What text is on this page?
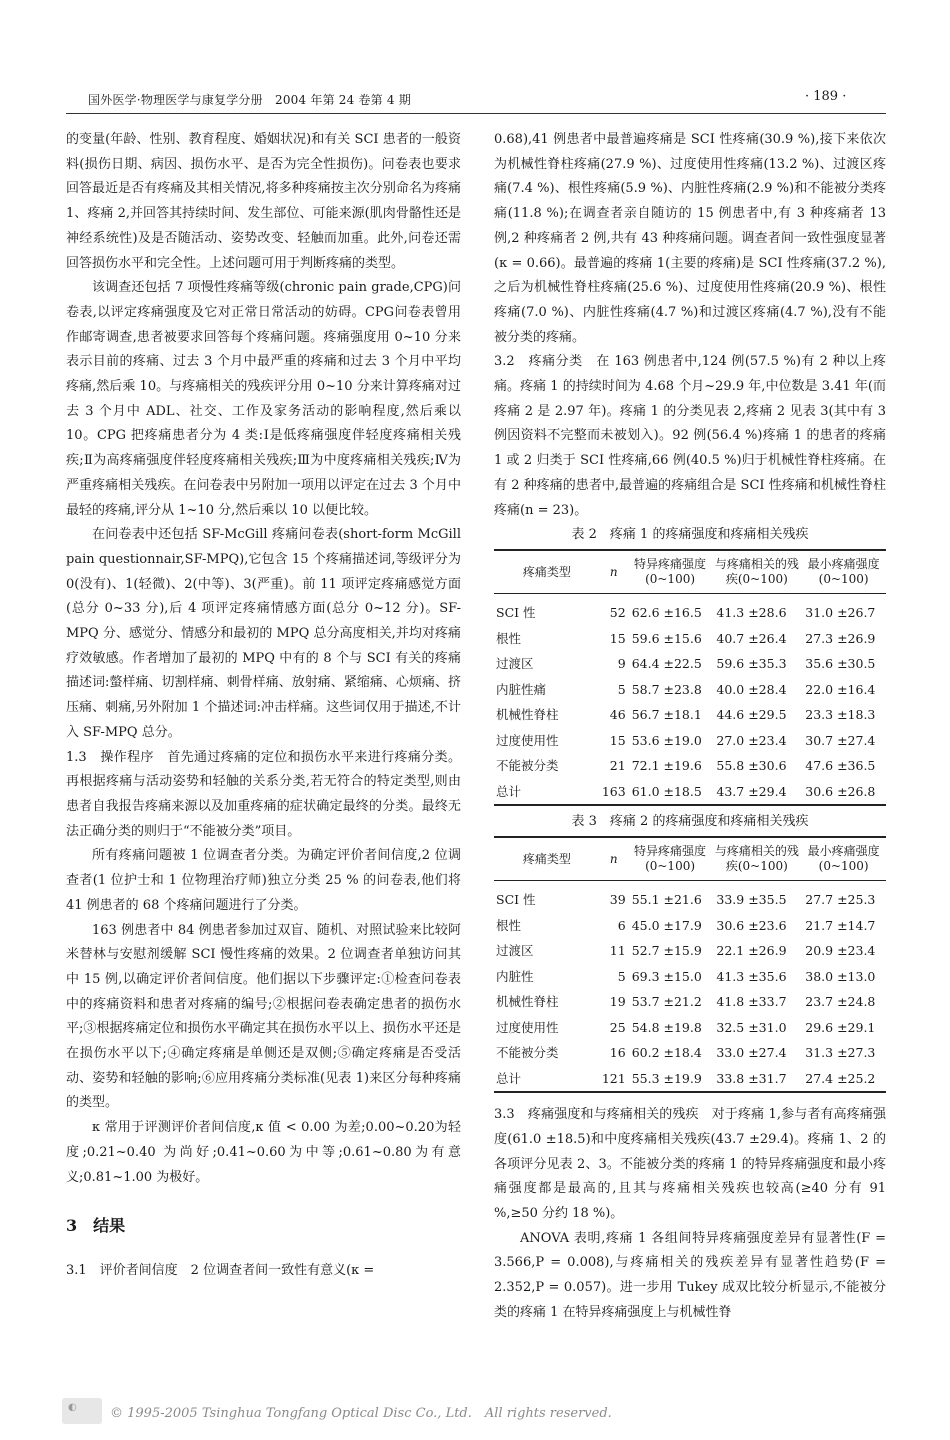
国外医学·物理医学与康复学分册　2004 年第 24 卷第 4 期	· 189 ·

的变量(年龄、性别、教育程度、婚姻状况)和有关 SCI 患者的一般资料(损伤日期、病因、损伤水平、是否为完全性损伤)。问卷表也要求回答最近是否有疼痛及其相关情况,将多种疼痛按主次分别命名为疼痛 1、疼痛 2,并回答其持续时间、发生部位、可能来源(肌肉骨骼性还是神经系统性)及是否随活动、姿势改变、轻触而加重。此外,问卷还需回答损伤水平和完全性。上述问题可用于判断疼痛的类型。

该调查还包括 7 项慢性疼痛等级(chronic pain grade,CPG)问卷表,以评定疼痛强度及它对正常日常活动的妨碍。CPG问卷表曾用作邮寄调查,患者被要求回答每个疼痛问题。疼痛强度用 0~10 分来表示目前的疼痛、过去 3 个月中最严重的疼痛和过去 3 个月中平均疼痛,然后乘 10。与疼痛相关的残疾评分用 0~10 分来计算疼痛对过去 3 个月中 ADL、社交、工作及家务活动的影响程度,然后乘以 10。CPG 把疼痛患者分为 4 类:Ⅰ是低疼痛强度伴轻度疼痛相关残疾;Ⅱ为高疼痛强度伴轻度疼痛相关残疾;Ⅲ为中度疼痛相关残疾;Ⅳ为严重疼痛相关残疾。在问卷表中另附加一项用以评定在过去 3 个月中最轻的疼痛,评分从 1~10 分,然后乘以 10 以便比较。

在问卷表中还包括 SF-McGill 疼痛问卷表(short-form McGill pain questionnair,SF-MPQ),它包含 15 个疼痛描述词,等级评分为 0(没有)、1(轻微)、2(中等)、3(严重)。前 11 项评定疼痛感觉方面(总分 0~33 分),后 4 项评定疼痛情感方面(总分 0~12 分)。SF-MPQ 分、感觉分、情感分和最初的 MPQ 总分高度相关,并均对疼痛疗效敏感。作者增加了最初的 MPQ 中有的 8 个与 SCI 有关的疼痛描述词:螫样痛、切割样痛、刺骨样痛、放射痛、紧缩痛、心烦痛、挤压痛、刺痛,另外附加 1 个描述词:冲击样痛。这些词仅用于描述,不计入 SF-MPQ 总分。

1.3　操作程序　首先通过疼痛的定位和损伤水平来进行疼痛分类。再根据疼痛与活动姿势和轻触的关系分类,若无符合的特定类型,则由患者自我报告疼痛来源以及加重疼痛的症状确定最终的分类。最终无法正确分类的则归于“不能被分类”项目。

所有疼痛问题被 1 位调查者分类。为确定评价者间信度,2 位调查者(1 位护士和 1 位物理治疗师)独立分类 25 % 的问卷表,他们将 41 例患者的 68 个疼痛问题进行了分类。

163 例患者中 84 例患者参加过双盲、随机、对照试验来比较阿米替林与安慰剂缓解 SCI 慢性疼痛的效果。2 位调查者单独访问其中 15 例,以确定评价者间信度。他们据以下步骤评定:①检查问卷表中的疼痛资料和患者对疼痛的编号;②根据问卷表确定患者的损伤水平;③根据疼痛定位和损伤水平确定其在损伤水平以上、损伤水平还是在损伤水平以下;④确定疼痛是单侧还是双侧;⑤确定疼痛是否受活动、姿势和轻触的影响;⑥应用疼痛分类标准(见表 1)来区分每种疼痛的类型。

κ 常用于评测评价者间信度,κ 值 < 0.00 为差;0.00~0.20为轻度;0.21~0.40 为尚好;0.41~0.60为中等;0.61~0.80为有意义;0.81~1.00 为极好。

3　结果

3.1　评价者间信度　2 位调查者间一致性有意义(κ =

0.68),41 例患者中最普遍疼痛是 SCI 性疼痛(30.9 %),接下来依次为机械性脊柱疼痛(27.9 %)、过度使用性疼痛(13.2 %)、过渡区疼痛(7.4 %)、根性疼痛(5.9 %)、内脏性疼痛(2.9 %)和不能被分类疼痛(11.8 %);在调查者亲自随访的 15 例患者中,有 3 种疼痛者 13 例,2 种疼痛者 2 例,共有 43 种疼痛问题。调查者间一致性强度显著(κ = 0.66)。最普遍的疼痛 1(主要的疼痛)是 SCI 性疼痛(37.2 %),之后为机械性脊柱疼痛(25.6 %)、过度使用性疼痛(20.9 %)、根性疼痛(7.0 %)、内脏性疼痛(4.7 %)和过渡区疼痛(4.7 %),没有不能被分类的疼痛。

3.2　疼痛分类　在 163 例患者中,124 例(57.5 %)有 2 种以上疼痛。疼痛 1 的持续时间为 4.68 个月~29.9 年,中位数是 3.41 年(而疼痛 2 是 2.97 年)。疼痛 1 的分类见表 2,疼痛 2 见表 3(其中有 3 例因资料不完整而未被划入)。92 例(56.4 %)疼痛 1 的患者的疼痛 1 或 2 归类于 SCI 性疼痛,66 例(40.5 %)归于机械性脊柱疼痛。在有 2 种疼痛的患者中,最普遍的疼痛组合是 SCI 性疼痛和机械性脊柱疼痛(n = 23)。

表 2　疼痛 1 的疼痛强度和疼痛相关残疾

疼痛类型	n	特异疼痛强度(0~100)	与疼痛相关的残疾(0~100)	最小疼痛强度(0~100)
SCI 性	52	62.6 ±16.5	41.3 ±28.6	31.0 ±26.7
根性	15	59.6 ±15.6	40.7 ±26.4	27.3 ±26.9
过渡区	9	64.4 ±22.5	59.6 ±35.3	35.6 ±30.5
内脏性痛	5	58.7 ±23.8	40.0 ±28.4	22.0 ±16.4
机械性脊柱	46	56.7 ±18.1	44.6 ±29.5	23.3 ±18.3
过度使用性	15	53.6 ±19.0	27.0 ±23.4	30.7 ±27.4
不能被分类	21	72.1 ±19.6	55.8 ±30.6	47.6 ±36.5
总计	163	61.0 ±18.5	43.7 ±29.4	30.6 ±26.8

表 3　疼痛 2 的疼痛强度和疼痛相关残疾

疼痛类型	n	特异疼痛强度(0~100)	与疼痛相关的残疾(0~100)	最小疼痛强度(0~100)
SCI 性	39	55.1 ±21.6	33.9 ±35.5	27.7 ±25.3
根性	6	45.0 ±17.9	30.6 ±23.6	21.7 ±14.7
过渡区	11	52.7 ±15.9	22.1 ±26.9	20.9 ±23.4
内脏性	5	69.3 ±15.0	41.3 ±35.6	38.0 ±13.0
机械性脊柱	19	53.7 ±21.2	41.8 ±33.7	23.7 ±24.8
过度使用性	25	54.8 ±19.8	32.5 ±31.0	29.6 ±29.1
不能被分类	16	60.2 ±18.4	33.0 ±27.4	31.3 ±27.3
总计	121	55.3 ±19.9	33.8 ±31.7	27.4 ±25.2

3.3　疼痛强度和与疼痛相关的残疾　对于疼痛 1,参与者有高疼痛强度(61.0 ±18.5)和中度疼痛相关残疾(43.7 ±29.4)。疼痛 1、2 的各项评分见表 2、3。不能被分类的疼痛 1 的特异疼痛强度和最小疼痛强度都是最高的,且其与疼痛相关残疾也较高(≥40 分有 91 %,≥50 分约 18 %)。

ANOVA 表明,疼痛 1 各组间特异疼痛强度差异有显著性(F = 3.566,P = 0.008),与疼痛相关的残疾差异有显著性趋势(F = 2.352,P = 0.057)。进一步用 Tukey 成双比较分析显示,不能被分类的疼痛 1 在特异疼痛强度上与机械性脊

◐	© 1995-2005 Tsinghua Tongfang Optical Disc Co., Ltd.　All rights reserved.
